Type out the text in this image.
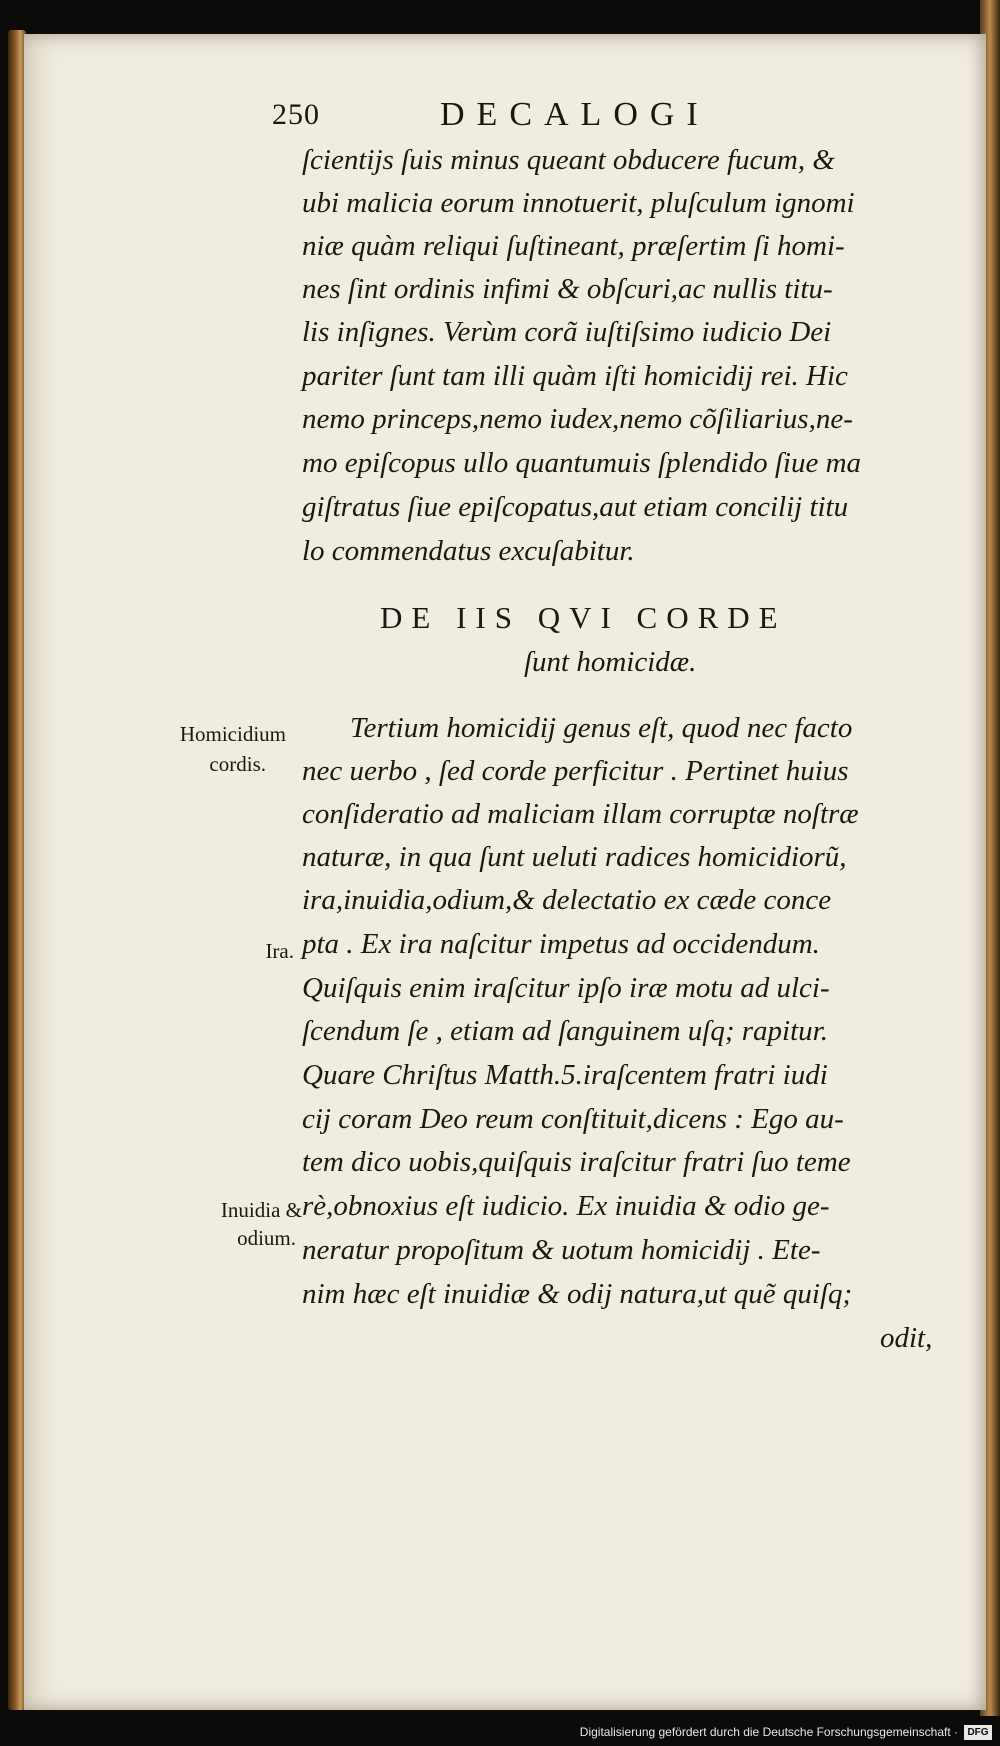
250	DECALOGI
ſcientijs ſuis minus queant obducere fucum, &
ubi malicia eorum innotuerit, pluſculum ignomi
niæ quàm reliqui ſuſtineant, præſertim ſi homi-
nes ſint ordinis infimi & obſcuri,ac nullis titu-
lis inſignes. Verùm corã iuſtiſsimo iudicio Dei
pariter ſunt tam illi quàm iſti homicidij rei. Hic
nemo princeps,nemo iudex,nemo cõſiliarius,ne-
mo epiſcopus ullo quantumuis ſplendido ſiue ma
giſtratus ſiue epiſcopatus,aut etiam concilij titu
lo commendatus excuſabitur.
DE IIS QVI CORDE
ſunt homicidæ.
Tertium homicidij genus eſt, quod nec facto
nec uerbo , ſed corde perficitur . Pertinet huius
conſideratio ad maliciam illam corruptæ noſtræ
naturæ, in qua ſunt ueluti radices homicidiorũ,
ira,inuidia,odium,& delectatio ex cæde conce
pta . Ex ira naſcitur impetus ad occidendum.
Quiſquis enim iraſcitur ipſo iræ motu ad ulci-
ſcendum ſe , etiam ad ſanguinem uſq; rapitur.
Quare Chriſtus Matth.5.iraſcentem fratri iudi
cij coram Deo reum conſtituit,dicens : Ego au-
tem dico uobis,quiſquis iraſcitur fratri ſuo teme
rè,obnoxius eſt iudicio. Ex inuidia & odio ge-
neratur propoſitum & uotum homicidij . Ete-
nim hæc eſt inuidiæ & odij natura,ut quẽ quiſq;
odit,
Homicidium
cordis.
Ira.
Inuidia &
odium.
Digitalisierung gefördert durch die Deutsche Forschungsgemeinschaft · DFG
